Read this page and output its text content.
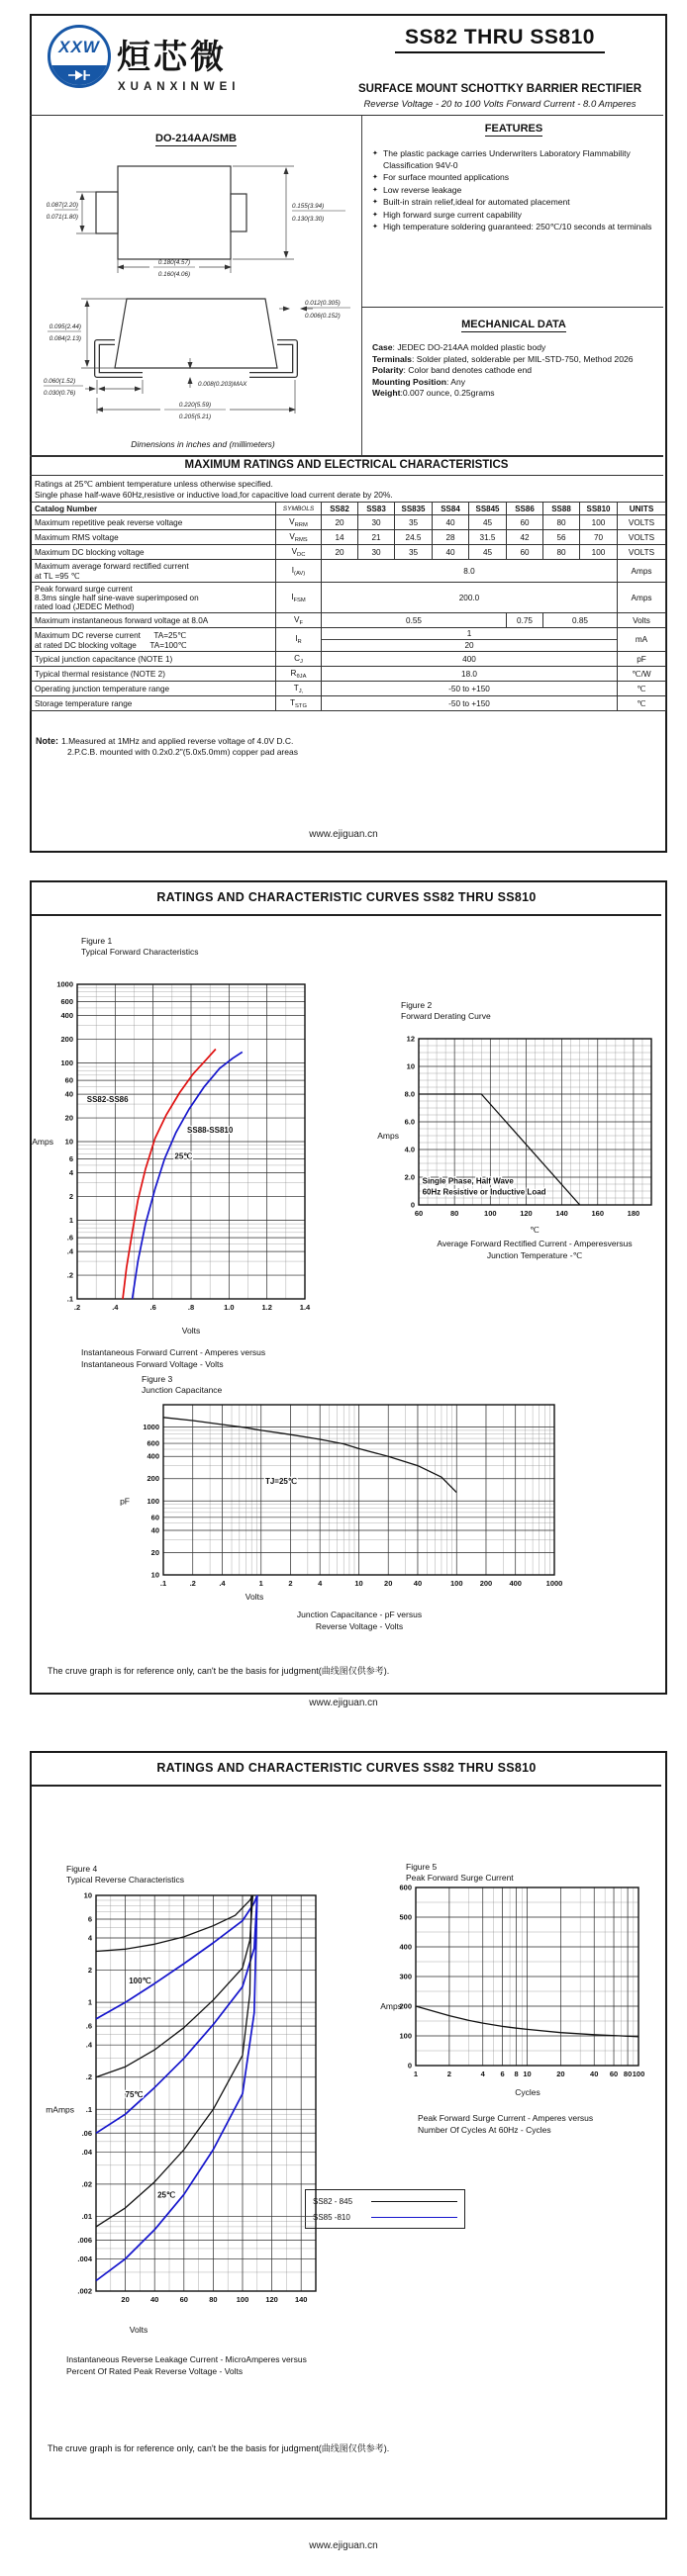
XXW 烜芯微
XUANXINWEI
SS82 THRU SS810
SURFACE MOUNT SCHOTTKY BARRIER RECTIFIER
Reverse Voltage - 20 to 100 Volts Forward Current - 8.0 Amperes
DO-214AA/SMB
0.155(3.94)
0.130(3.30)
0.087(2.20)
0.071(1.80)
0.180(4.57)
0.160(4.06)
0.095(2.44)
0.084(2.13)
0.012(0.305)
0.006(0.152)
0.060(1.52)
0.030(0.76)
0.008(0.203)MAX
0.220(5.59)
0.205(5.21)
Dimensions in inches and (millimeters)
FEATURES
✦ The plastic package carries Underwriters Laboratory Flammability Classification 94V-0
✦ For surface mounted applications
✦ Low reverse leakage
✦ Built-in strain relief,ideal for automated placement
✦ High forward surge current capability
✦ High temperature soldering guaranteed: 250℃/10 seconds at terminals
MECHANICAL DATA
Case: JEDEC DO-214AA molded plastic body
Terminals: Solder plated, solderable per MIL-STD-750, Method 2026
Polarity: Color band denotes cathode end
Mounting Position: Any
Weight:0.007 ounce, 0.25grams
MAXIMUM RATINGS AND ELECTRICAL CHARACTERISTICS
Ratings at 25℃ ambient temperature unless otherwise specified.
Single phase half-wave 60Hz,resistive or inductive load,for capacitive load current derate by 20%.
Catalog Number	SYMBOLS	SS82	SS83	SS835	SS84	SS845	SS86	SS88	SS810	UNITS

Maximum repetitive peak reverse voltage	$V_{RRM}$	20	30	35	40	45	60	80	100	VOLTS

Maximum RMS voltage	$V_{RMS}$	14	21	24.5	28	31.5	42	56	70	VOLTS

Maximum DC blocking voltage	$V_{DC}$	20	30	35	40	45	60	80	100	VOLTS

Maximum average forward rectified current
at TL =95 ℃	$I_{(AV)}$	8.0								Amps

Peak forward surge current
8.3ms single half sine-wave superimposed on
rated load (JEDEC Method)	$I_{FSM}$	200.0								Amps

Maximum instantaneous forward voltage at 8.0A	$V_F$	0.55					0.75	0.85		Volts

Maximum DC reverse current      TA=25℃
at rated DC blocking voltage      TA=100℃
	$I_R$	
1
20
	mA

Typical junction capacitance (NOTE 1)	$C_J$	400								pF

Typical thermal resistance (NOTE 2)	$R_{\theta JA}$	18.0								℃/W

Operating junction temperature range	$T_{J,}$	-50 to +150								℃

Storage temperature range	$T_{STG}$	-50 to +150								℃
Note: 1.Measured at 1MHz and applied reverse voltage of 4.0V D.C.
2.P.C.B. mounted with 0.2x0.2"(5.0x5.0mm) copper pad areas
www.ejiguan.cn
RATINGS AND CHARACTERISTIC CURVES SS82 THRU SS810
The cruve graph is for reference only, can't be the basis for judgment(曲线图仅供参考).
www.ejiguan.cn
RATINGS AND CHARACTERISTIC CURVES SS82 THRU SS810
SS82 - 845
SS85 -810
The cruve graph is for reference only, can't be the basis for judgment(曲线图仅供参考).
www.ejiguan.cn
.2	.4	.6	.8	1.0	1.2	1.4
1000
600
400
200
100
60
40
20
10
6
4
2
1
.6
.4
.2
.1
SS82-SS86
SS88-SS810
25℃
Figure 1
Typical Forward Characteristics
Instantaneous Forward Current - Amperes versus
Instantaneous Forward Voltage - Volts
Volts
Amps
60	80	100	120	140	160	180
0
2.0
4.0
6.0
8.0
10
12
Single Phase, Half Wave
60Hz Resistive or Inductive Load
Figure 2
Forward Derating Curve
Average Forward Rectified Current - Amperesversus
Junction Temperature -℃
℃
Amps
.1	.2	.4	1	2	4	10	20	40	100 200 400	1000
1000
600
400
200
100
60
40
20
10
TJ=25℃
Figure 3
Junction Capacitance
Junction Capacitance - pF versus
Reverse Voltage - Volts
Volts
pF
20	40	60	80	100 120 140
10
6
4
2
1
.6
.4
.2
.1
.06
.04
.02
.01
.006
.004
.002
100℃
75℃
25℃
Figure 4
Typical Reverse Characteristics
Instantaneous Reverse Leakage Current - MicroAmperes versus
Percent Of Rated Peak Reverse Voltage - Volts
Volts
mAmps
1	2	4 6 8 10	20	40 60 80 100
0
100
200
300
400
500
600
Figure 5
Peak Forward Surge Current
Peak Forward Surge Current - Amperes versus
Number Of Cycles At 60Hz - Cycles
Cycles
Amps
